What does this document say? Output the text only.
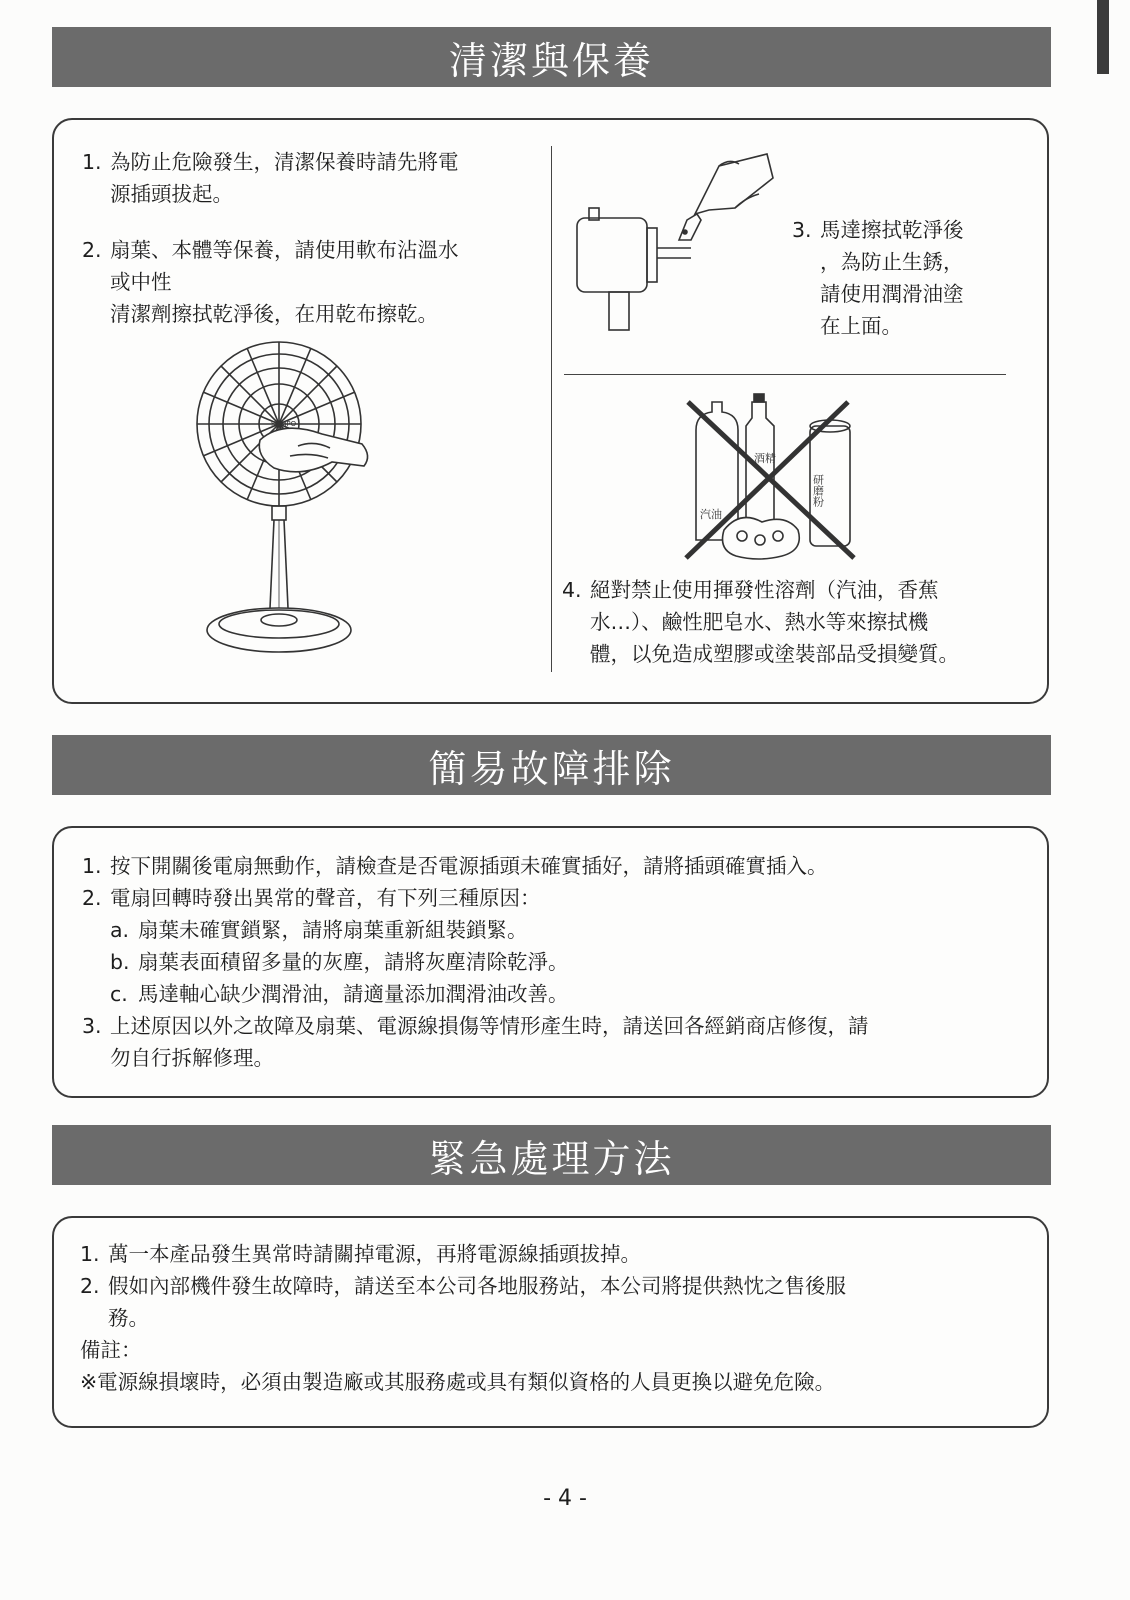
清潔與保養
1. 為防止危險發生，清潔保養時請先將電
源插頭拔起。
2. 扇葉、本體等保養，請使用軟布沾溫水
或中性
清潔劑擦拭乾淨後，在用乾布擦乾。
SAMPO
3. 馬達擦拭乾淨後
，為防止生銹，
請使用潤滑油塗
在上面。
汽油
酒精
研磨粉
4. 絕對禁止使用揮發性溶劑（汽油，香蕉
水…）、鹼性肥皂水、熱水等來擦拭機
體，以免造成塑膠或塗裝部品受損變質。
簡易故障排除
1. 按下開關後電扇無動作，請檢查是否電源插頭未確實插好，請將插頭確實插入。
2. 電扇回轉時發出異常的聲音，有下列三種原因：
a. 扇葉未確實鎖緊，請將扇葉重新組裝鎖緊。
b. 扇葉表面積留多量的灰塵，請將灰塵清除乾淨。
c. 馬達軸心缺少潤滑油，請適量添加潤滑油改善。
3. 上述原因以外之故障及扇葉、電源線損傷等情形產生時，請送回各經銷商店修復，請
勿自行拆解修理。
緊急處理方法
1. 萬一本產品發生異常時請關掉電源，再將電源線插頭拔掉。
2. 假如內部機件發生故障時，請送至本公司各地服務站，本公司將提供熱忱之售後服
務。
備註：
※電源線損壞時，必須由製造廠或其服務處或具有類似資格的人員更換以避免危險。
- 4 -
